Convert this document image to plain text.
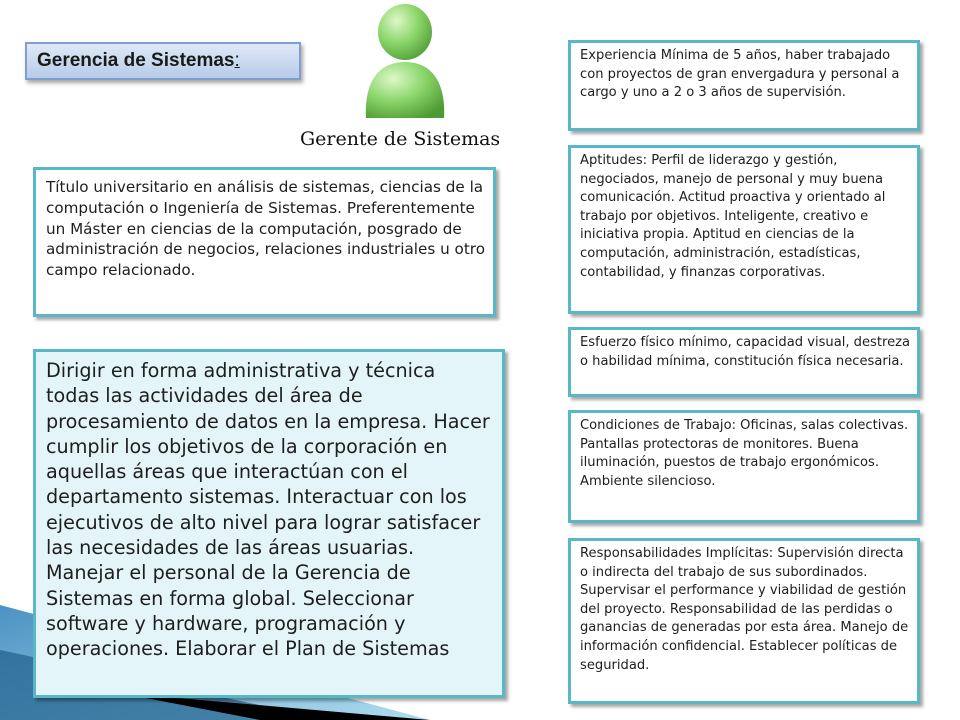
Gerencia de Sistemas:
Gerente de Sistemas
Título universitario en análisis de sistemas, ciencias de la computación o Ingeniería de Sistemas. Preferentemente un Máster en ciencias de la computación, posgrado de administración de negocios, relaciones industriales u otro campo relacionado.
Dirigir en forma administrativa y técnica todas las actividades del área de procesamiento de datos en la empresa. Hacer cumplir los objetivos de la corporación en aquellas áreas que interactúan con el departamento sistemas. Interactuar con los ejecutivos de alto nivel para lograr satisfacer las necesidades de las áreas usuarias. Manejar el personal de la Gerencia de Sistemas en forma global. Seleccionar software y hardware, programación y operaciones. Elaborar el Plan de Sistemas
Experiencia Mínima de 5 años, haber trabajado con proyectos de gran envergadura y personal a cargo y uno a 2 o 3 años de supervisión.
Aptitudes: Perfil de liderazgo y gestión, negociados, manejo de personal y muy buena comunicación. Actitud proactiva y orientado al trabajo por objetivos. Inteligente, creativo e iniciativa propia. Aptitud en ciencias de la computación, administración, estadísticas, contabilidad, y finanzas corporativas.
Esfuerzo físico mínimo, capacidad visual, destreza o habilidad mínima, constitución física necesaria.
Condiciones de Trabajo: Oficinas, salas colectivas. Pantallas protectoras de monitores. Buena iluminación, puestos de trabajo ergonómicos. Ambiente silencioso.
Responsabilidades Implícitas: Supervisión directa o indirecta del trabajo de sus subordinados. Supervisar el performance y viabilidad de gestión del proyecto. Responsabilidad de las perdidas o ganancias de generadas por esta área. Manejo de información confidencial. Establecer políticas de seguridad.
